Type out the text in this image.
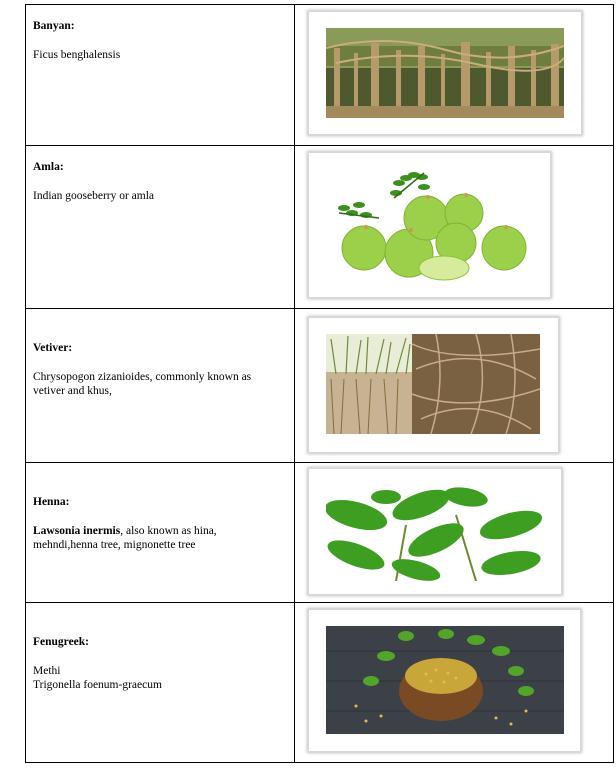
Banyan:
Ficus benghalensis

Amla:
Indian gooseberry or amla

Vetiver:
Chrysopogon zizanioides, commonly known as
vetiver and khus,

Henna:
Lawsonia inermis, also known as hina,
mehndi,henna tree, mignonette tree

Fenugreek:
Methi
Trigonella foenum-graecum
